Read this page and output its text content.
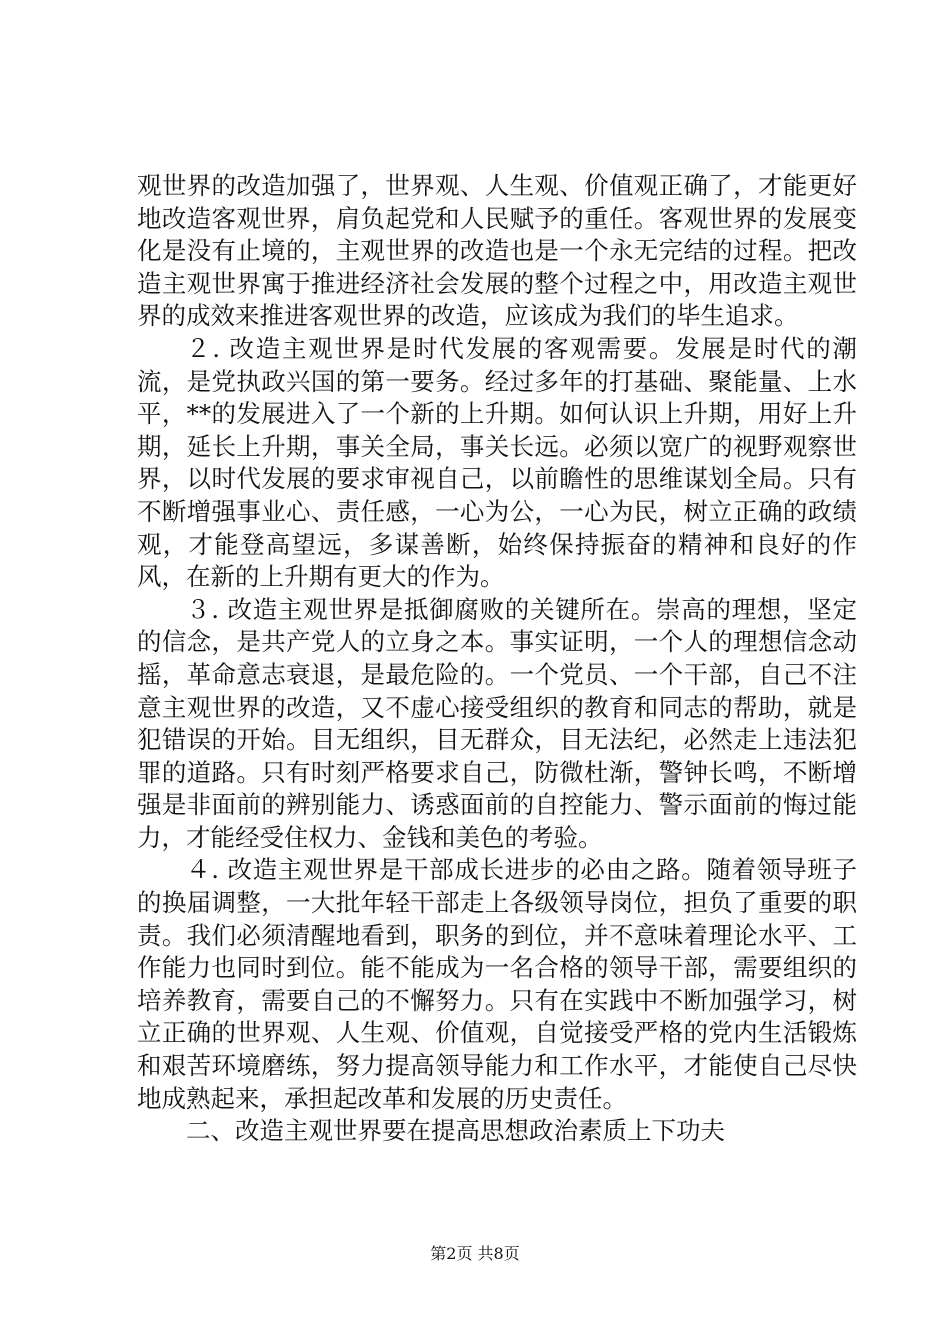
观世界的改造加强了，世界观、人生观、价值观正确了，才能更好地改造客观世界，肩负起党和人民赋予的重任。客观世界的发展变化是没有止境的，主观世界的改造也是一个永无完结的过程。把改造主观世界寓于推进经济社会发展的整个过程之中，用改造主观世界的成效来推进客观世界的改造，应该成为我们的毕生追求。

２. 改造主观世界是时代发展的客观需要。发展是时代的潮流，是党执政兴国的第一要务。经过多年的打基础、聚能量、上水平，**的发展进入了一个新的上升期。如何认识上升期，用好上升期，延长上升期，事关全局，事关长远。必须以宽广的视野观察世界，以时代发展的要求审视自己，以前瞻性的思维谋划全局。只有不断增强事业心、责任感，一心为公，一心为民，树立正确的政绩观，才能登高望远，多谋善断，始终保持振奋的精神和良好的作风，在新的上升期有更大的作为。

３. 改造主观世界是抵御腐败的关键所在。崇高的理想，坚定的信念，是共产党人的立身之本。事实证明，一个人的理想信念动摇，革命意志衰退，是最危险的。一个党员、一个干部，自己不注意主观世界的改造，又不虚心接受组织的教育和同志的帮助，就是犯错误的开始。目无组织，目无群众，目无法纪，必然走上违法犯罪的道路。只有时刻严格要求自己，防微杜渐，警钟长鸣，不断增强是非面前的辨别能力、诱惑面前的自控能力、警示面前的悔过能力，才能经受住权力、金钱和美色的考验。

４. 改造主观世界是干部成长进步的必由之路。随着领导班子的换届调整，一大批年轻干部走上各级领导岗位，担负了重要的职责。我们必须清醒地看到，职务的到位，并不意味着理论水平、工作能力也同时到位。能不能成为一名合格的领导干部，需要组织的培养教育，需要自己的不懈努力。只有在实践中不断加强学习，树立正确的世界观、人生观、价值观，自觉接受严格的党内生活锻炼和艰苦环境磨练，努力提高领导能力和工作水平，才能使自己尽快地成熟起来，承担起改革和发展的历史责任。

二、改造主观世界要在提高思想政治素质上下功夫

第2页 共8页
